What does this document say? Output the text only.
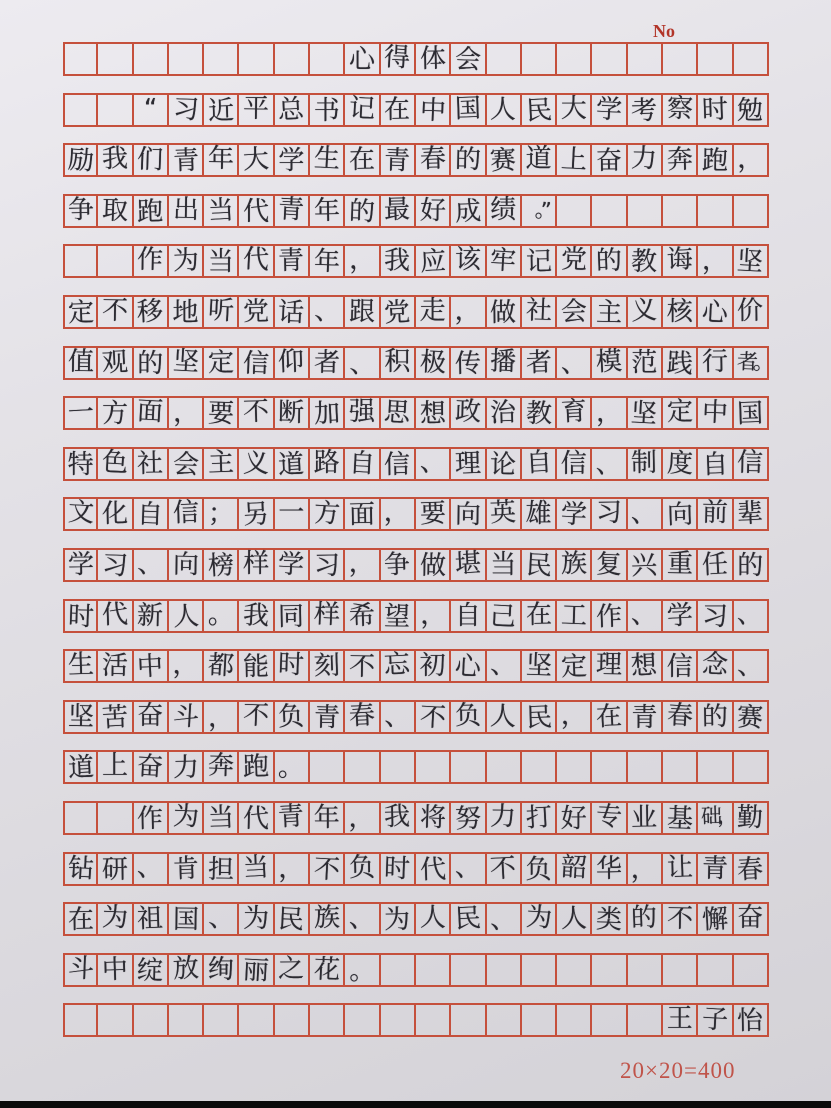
No
心 得 体 会
“ 习 近 平 总 书 记 在 中 国 人 民 大 学 考 察 时 勉
励 我 们 青 年 大 学 生 在 青 春 的 赛 道 上 奋 力 奔 跑 ，
争 取 跑 出 当 代 青 年 的 最 好 成 绩 。”
作 为 当 代 青 年 ， 我 应 该 牢 记 党 的 教 诲 ， 坚
定 不 移 地 听 党 话 、 跟 党 走 ， 做 社 会 主 义 核 心 价
值 观 的 坚 定 信 仰 者 、 积 极 传 播 者 、 模 范 践 行 者。
一 方 面 ， 要 不 断 加 强 思 想 政 治 教 育 ， 坚 定 中 国
特 色 社 会 主 义 道 路 自 信 、 理 论 自 信 、 制 度 自 信
文 化 自 信 ； 另 一 方 面 ， 要 向 英 雄 学 习 、 向 前 辈
学 习 、 向 榜 样 学 习 ， 争 做 堪 当 民 族 复 兴 重 任 的
时 代 新 人 。 我 同 样 希 望 ， 自 己 在 工 作 、 学 习 、
生 活 中 ， 都 能 时 刻 不 忘 初 心 、 坚 定 理 想 信 念 、
坚 苦 奋 斗 ， 不 负 青 春 、 不 负 人 民 ， 在 青 春 的 赛
道 上 奋 力 奔 跑 。
作 为 当 代 青 年 ， 我 将 努 力 打 好 专 业 基 础， 勤
钻 研 、 肯 担 当 ， 不 负 时 代 、 不 负 韶 华 ， 让 青 春
在 为 祖 国 、 为 民 族 、 为 人 民 、 为 人 类 的 不 懈 奋
斗 中 绽 放 绚 丽 之 花 。
王 子 怡
20×20=400
